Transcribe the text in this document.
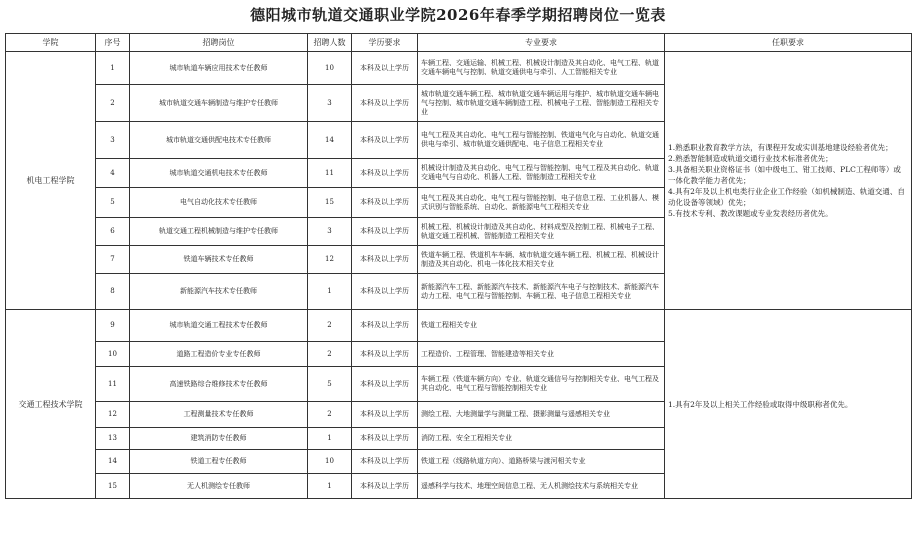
德阳城市轨道交通职业学院2026年春季学期招聘岗位一览表
学院	序号	招聘岗位	招聘人数	学历要求	专业要求	任职要求
机电工程学院	1	城市轨道车辆应用技术专任教师	10	本科及以上学历	车辆工程、交通运输、机械工程、机械设计制造及其自动化、电气工程、轨道交通车辆电气与控制、轨道交通供电与牵引、人工智能相关专业	1.熟悉职业教育教学方法，有课程开发或实训基地建设经验者优先；
2.熟悉智能制造或轨道交通行业技术标准者优先；
3.具备相关职业资格证书（如中级电工、钳工技师、PLC工程师等）或一体化教学能力者优先；
4.具有2年及以上机电类行业企业工作经验（如机械制造、轨道交通、自动化设备等领域）优先；
5.有技术专利、教改课题或专业发表经历者优先。
	2	城市轨道交通车辆制造与维护专任教师	3	本科及以上学历	城市轨道交通车辆工程、城市轨道交通车辆运用与维护、城市轨道交通车辆电气与控制、城市轨道交通车辆制造工程、机械电子工程、智能制造工程相关专业	
	3	城市轨道交通供配电技术专任教师	14	本科及以上学历	电气工程及其自动化、电气工程与智能控制、铁道电气化与自动化、轨道交通供电与牵引、城市轨道交通供配电、电子信息工程相关专业	
	4	城市轨道交通机电技术专任教师	11	本科及以上学历	机械设计制造及其自动化、电气工程与智能控制、电气工程及其自动化、轨道交通电气与自动化、机器人工程、智能制造工程相关专业	
	5	电气自动化技术专任教师	15	本科及以上学历	电气工程及其自动化、电气工程与智能控制、电子信息工程、工业机器人、模式识别与智能系统、自动化、新能源电气工程相关专业	
	6	轨道交通工程机械制造与维护专任教师	3	本科及以上学历	机械工程、机械设计制造及其自动化、材料成型及控制工程、机械电子工程、轨道交通工程机械、智能制造工程相关专业	
	7	铁道车辆技术专任教师	12	本科及以上学历	铁道车辆工程、铁道机车车辆、城市轨道交通车辆工程、机械工程、机械设计制造及其自动化、机电一体化技术相关专业	
	8	新能源汽车技术专任教师	1	本科及以上学历	新能源汽车工程、新能源汽车技术、新能源汽车电子与控制技术、新能源汽车动力工程、电气工程与智能控制、车辆工程、电子信息工程相关专业	
交通工程技术学院	9	城市轨道交通工程技术专任教师	2	本科及以上学历	铁道工程相关专业	1.具有2年及以上相关工作经验或取得中级职称者优先。
	10	道路工程造价专业专任教师	2	本科及以上学历	工程造价、工程管理、智能建造等相关专业	
	11	高速铁路综合维修技术专任教师	5	本科及以上学历	车辆工程（铁道车辆方向）专业、轨道交通信号与控制相关专业、电气工程及其自动化、电气工程与智能控制相关专业	
	12	工程测量技术专任教师	2	本科及以上学历	测绘工程、大地测量学与测量工程、摄影测量与遥感相关专业	
	13	建筑消防专任教师	1	本科及以上学历	消防工程、安全工程相关专业	
	14	铁道工程专任教师	10	本科及以上学历	铁道工程（线路轨道方向）、道路桥梁与渡河相关专业	
	15	无人机测绘专任教师	1	本科及以上学历	遥感科学与技术、地理空间信息工程、无人机测绘技术与系统相关专业	
